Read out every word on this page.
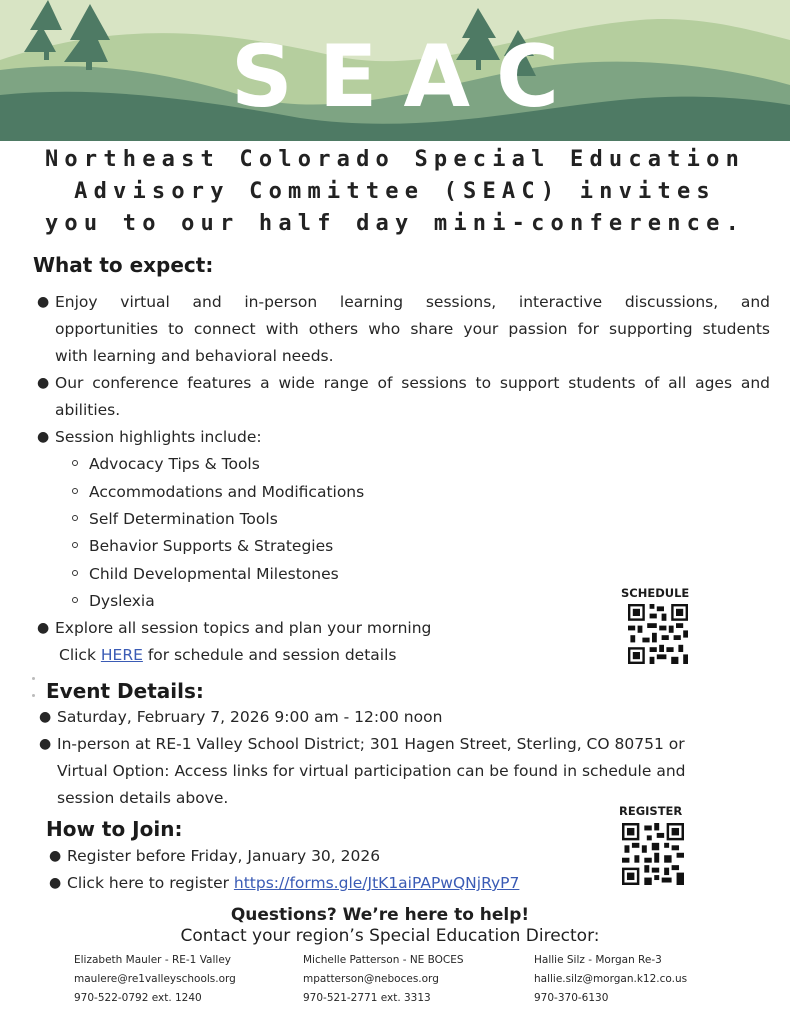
SEAC
Northeast Colorado Special Education
Advisory Committee (SEAC) invites
you to our half day mini-conference.
What to expect:
● Enjoy virtual and in-person learning sessions, interactive discussions, and
opportunities to connect with others who share your passion for supporting students
with learning and behavioral needs.
● Our conference features a wide range of sessions to support students of all ages and
abilities.
● Session highlights include:
Advocacy Tips & Tools
Accommodations and Modifications
Self Determination Tools
Behavior Supports & Strategies
Child Developmental Milestones
Dyslexia
● Explore all session topics and plan your morning
Click HERE for schedule and session details
SCHEDULE
Event Details:
● Saturday, February 7, 2026 9:00 am - 12:00 noon
● In-person at RE-1 Valley School District; 301 Hagen Street, Sterling, CO 80751 or
Virtual Option: Access links for virtual participation can be found in schedule and
session details above.
REGISTER
How to Join:
● Register before Friday, January 30, 2026
● Click here to register https://forms.gle/JtK1aiPAPwQNjRyP7
Questions? We’re here to help!
Contact your region’s Special Education Director:
Elizabeth Mauler - RE-1 Valley
maulere@re1valleyschools.org
970-522-0792 ext. 1240
Michelle Patterson - NE BOCES
mpatterson@neboces.org
970-521-2771 ext. 3313
Hallie Silz - Morgan Re-3
hallie.silz@morgan.k12.co.us
970-370-6130
